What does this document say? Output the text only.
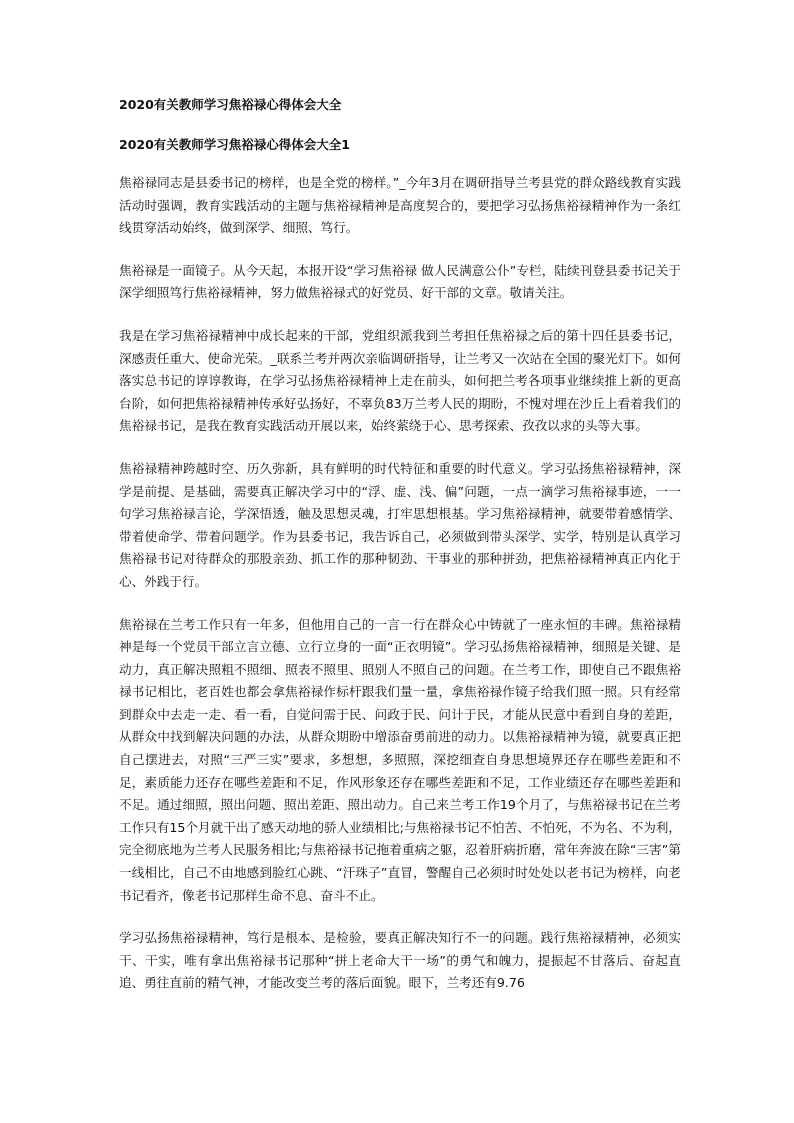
2020有关教师学习焦裕禄心得体会大全
2020有关教师学习焦裕禄心得体会大全1

焦裕禄同志是县委书记的榜样，也是全党的榜样。”_今年3月在调研指导兰考县党的群众路线教育实践活动时强调，教育实践活动的主题与焦裕禄精神是高度契合的，要把学习弘扬焦裕禄精神作为一条红线贯穿活动始终，做到深学、细照、笃行。

焦裕禄是一面镜子。从今天起，本报开设“学习焦裕禄 做人民满意公仆”专栏，陆续刊登县委书记关于深学细照笃行焦裕禄精神，努力做焦裕禄式的好党员、好干部的文章。敬请关注。

我是在学习焦裕禄精神中成长起来的干部，党组织派我到兰考担任焦裕禄之后的第十四任县委书记，深感责任重大、使命光荣。_联系兰考并两次亲临调研指导，让兰考又一次站在全国的聚光灯下。如何落实总书记的谆谆教诲，在学习弘扬焦裕禄精神上走在前头，如何把兰考各项事业继续推上新的更高台阶，如何把焦裕禄精神传承好弘扬好，不辜负83万兰考人民的期盼，不愧对埋在沙丘上看着我们的焦裕禄书记，是我在教育实践活动开展以来，始终萦绕于心、思考探索、孜孜以求的头等大事。

焦裕禄精神跨越时空、历久弥新，具有鲜明的时代特征和重要的时代意义。学习弘扬焦裕禄精神，深学是前提、是基础，需要真正解决学习中的“浮、虚、浅、偏”问题，一点一滴学习焦裕禄事迹，一一句学习焦裕禄言论，学深悟透，触及思想灵魂，打牢思想根基。学习焦裕禄精神，就要带着感情学、带着使命学、带着问题学。作为县委书记，我告诉自己，必须做到带头深学、实学，特别是认真学习焦裕禄书记对待群众的那股亲劲、抓工作的那种韧劲、干事业的那种拼劲，把焦裕禄精神真正内化于心、外践于行。

焦裕禄在兰考工作只有一年多，但他用自己的一言一行在群众心中铸就了一座永恒的丰碑。焦裕禄精神是每一个党员干部立言立德、立行立身的一面“正衣明镜”。学习弘扬焦裕禄精神，细照是关键、是动力，真正解决照粗不照细、照表不照里、照别人不照自己的问题。在兰考工作，即使自己不跟焦裕禄书记相比，老百姓也都会拿焦裕禄作标杆跟我们量一量，拿焦裕禄作镜子给我们照一照。只有经常到群众中去走一走、看一看，自觉问需于民、问政于民、问计于民，才能从民意中看到自身的差距，从群众中找到解决问题的办法，从群众期盼中增添奋勇前进的动力。以焦裕禄精神为镜，就要真正把自己摆进去，对照“三严三实”要求，多想想，多照照，深挖细查自身思想境界还存在哪些差距和不足，素质能力还存在哪些差距和不足，作风形象还存在哪些差距和不足，工作业绩还存在哪些差距和不足。通过细照，照出问题、照出差距、照出动力。自己来兰考工作19个月了，与焦裕禄书记在兰考工作只有15个月就干出了感天动地的骄人业绩相比;与焦裕禄书记不怕苦、不怕死，不为名、不为利，完全彻底地为兰考人民服务相比;与焦裕禄书记拖着重病之躯，忍着肝病折磨，常年奔波在除“三害”第一线相比，自己不由地感到脸红心跳、“汗珠子”直冒，警醒自己必须时时处处以老书记为榜样，向老书记看齐，像老书记那样生命不息、奋斗不止。

学习弘扬焦裕禄精神，笃行是根本、是检验，要真正解决知行不一的问题。践行焦裕禄精神，必须实干、干实，唯有拿出焦裕禄书记那种“拼上老命大干一场”的勇气和魄力，提振起不甘落后、奋起直追、勇往直前的精气神，才能改变兰考的落后面貌。眼下，兰考还有9.76
